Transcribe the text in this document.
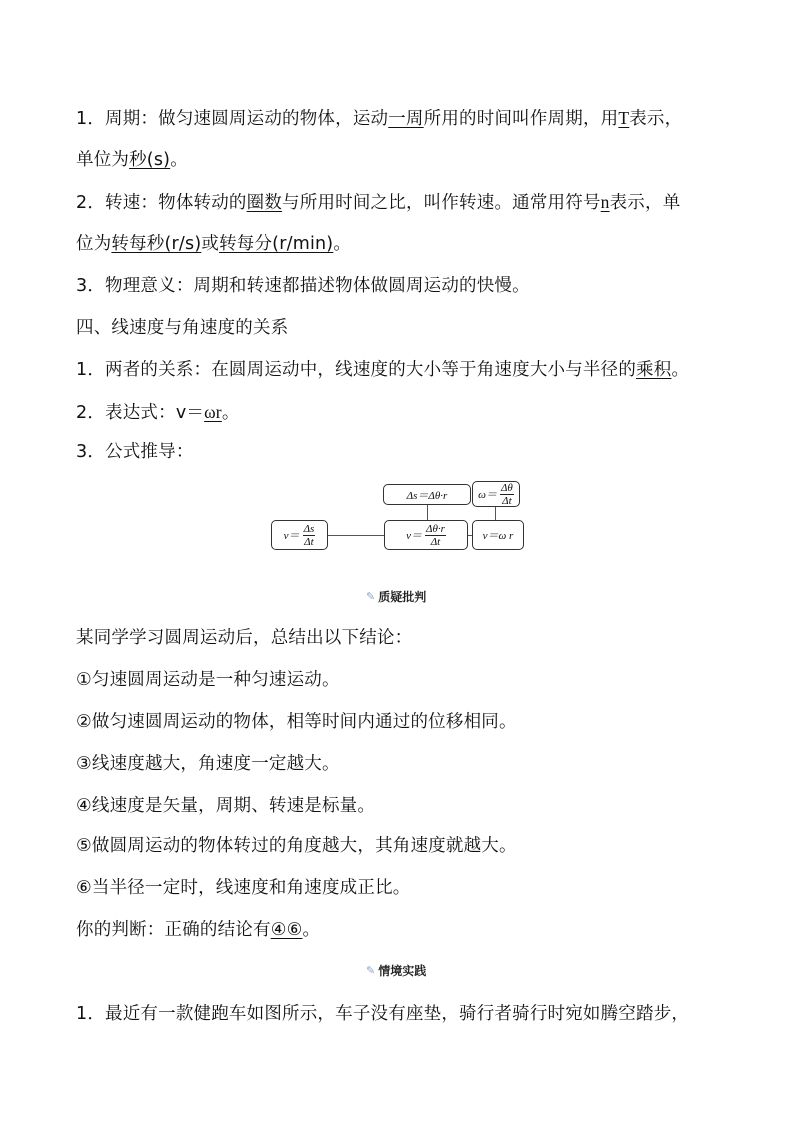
1．周期：做匀速圆周运动的物体，运动一周所用的时间叫作周期，用T表示，
单位为秒(s)。
2．转速：物体转动的圈数与所用时间之比，叫作转速。通常用符号n表示，单
位为转每秒(r/s)或转每分(r/min)。
3．物理意义：周期和转速都描述物体做圆周运动的快慢。
四、线速度与角速度的关系
1．两者的关系：在圆周运动中，线速度的大小等于角速度大小与半径的乘积。
2．表达式：v＝ωr。
3．公式推导：
$v= \frac{\Delta s}{\Delta t}$	$v= \frac{\Delta\theta\cdot r}{\Delta t}$	v＝ω r
Δs＝Δθ·r	$\omega= \frac{\Delta\theta}{\Delta t}$
✎ 质疑批判
某同学学习圆周运动后，总结出以下结论：
①匀速圆周运动是一种匀速运动。
②做匀速圆周运动的物体，相等时间内通过的位移相同。
③线速度越大，角速度一定越大。
④线速度是矢量，周期、转速是标量。
⑤做圆周运动的物体转过的角度越大，其角速度就越大。
⑥当半径一定时，线速度和角速度成正比。
你的判断：正确的结论有④⑥。
✎ 情境实践
1．最近有一款健跑车如图所示，车子没有座垫，骑行者骑行时宛如腾空踏步，
